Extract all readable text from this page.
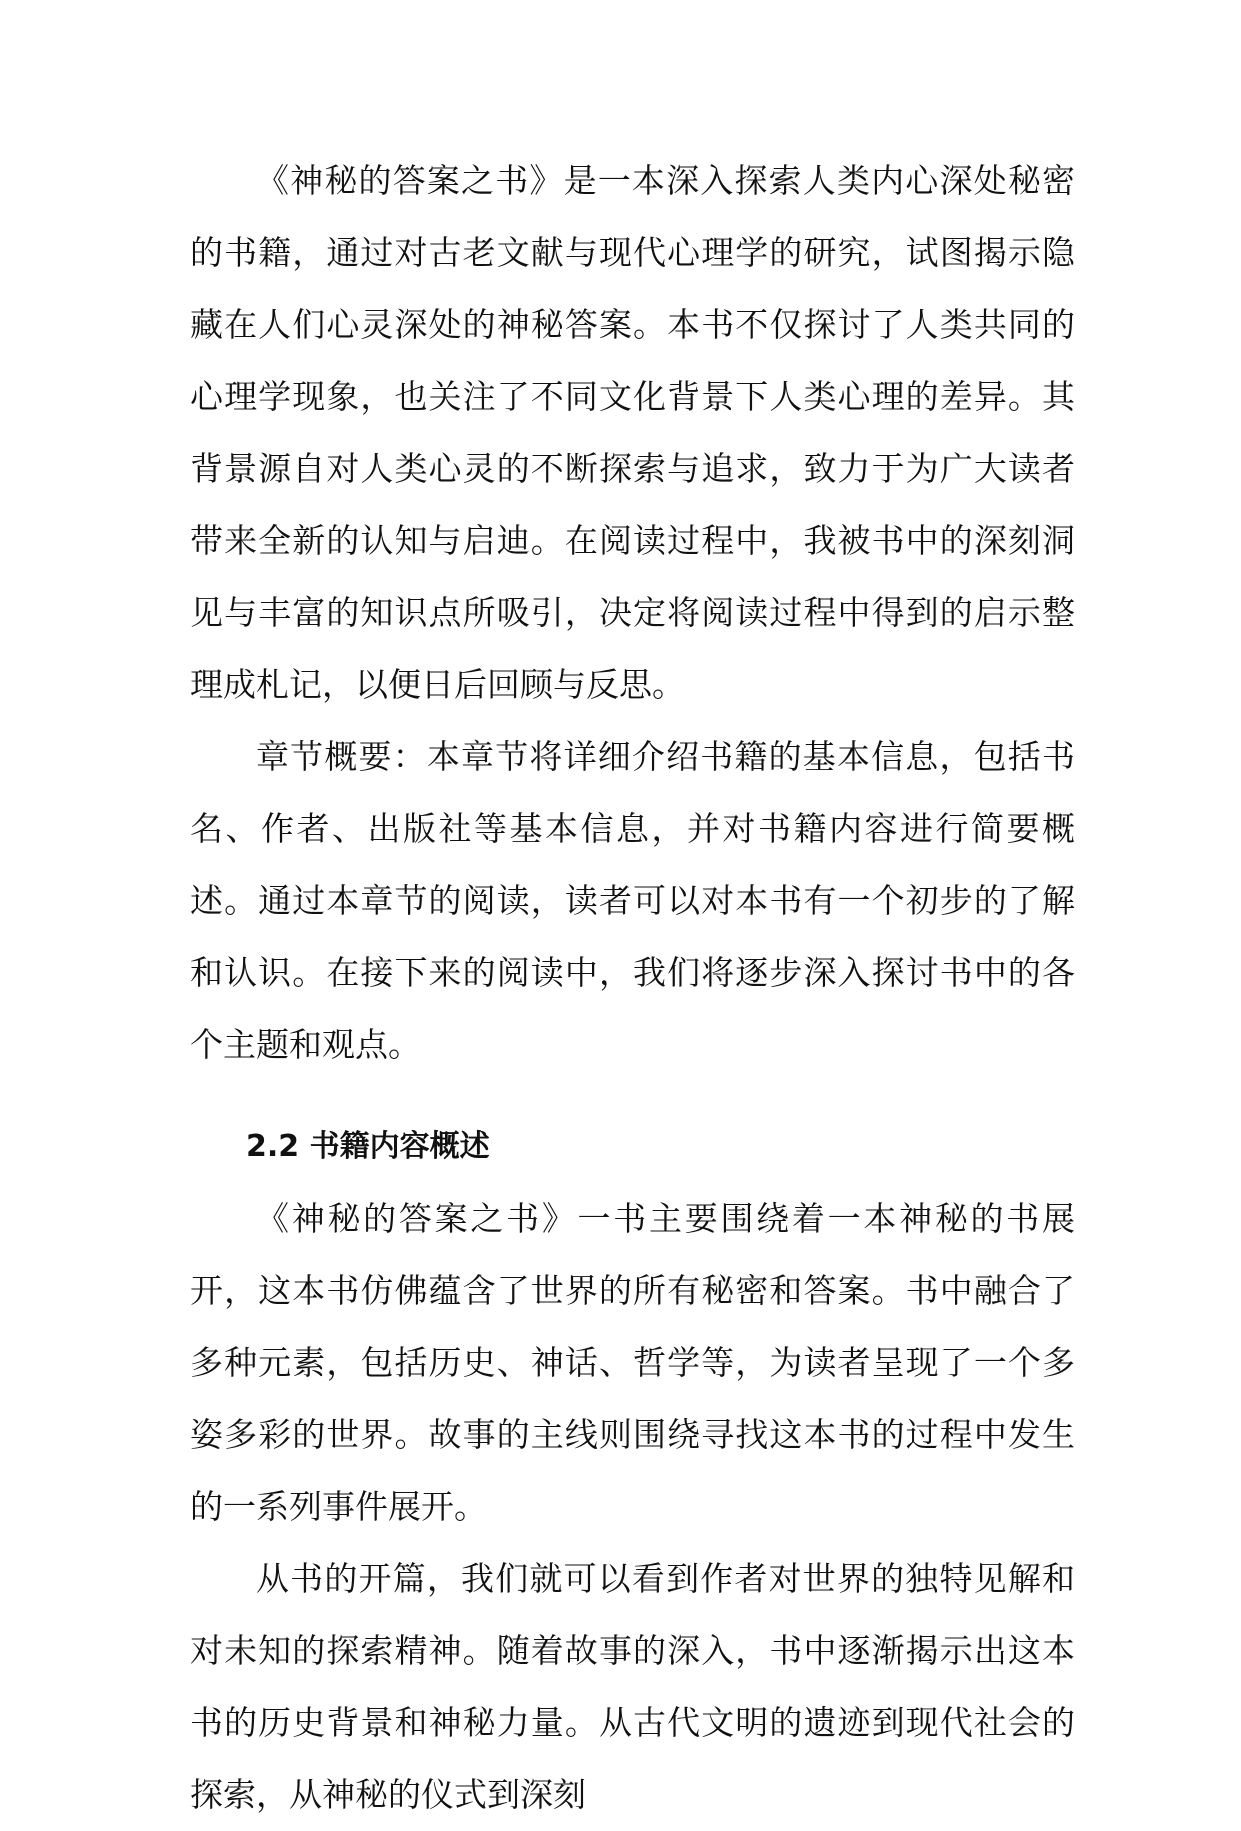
《神秘的答案之书》是一本深入探索人类内心深处秘密的书籍，通过对古老文献与现代心理学的研究，试图揭示隐藏在人们心灵深处的神秘答案。本书不仅探讨了人类共同的心理学现象，也关注了不同文化背景下人类心理的差异。其背景源自对人类心灵的不断探索与追求，致力于为广大读者带来全新的认知与启迪。在阅读过程中，我被书中的深刻洞见与丰富的知识点所吸引，决定将阅读过程中得到的启示整理成札记，以便日后回顾与反思。

章节概要：本章节将详细介绍书籍的基本信息，包括书名、作者、出版社等基本信息，并对书籍内容进行简要概述。通过本章节的阅读，读者可以对本书有一个初步的了解和认识。在接下来的阅读中，我们将逐步深入探讨书中的各个主题和观点。

2.2 书籍内容概述

《神秘的答案之书》一书主要围绕着一本神秘的书展开，这本书仿佛蕴含了世界的所有秘密和答案。书中融合了多种元素，包括历史、神话、哲学等，为读者呈现了一个多姿多彩的世界。故事的主线则围绕寻找这本书的过程中发生的一系列事件展开。

从书的开篇，我们就可以看到作者对世界的独特见解和对未知的探索精神。随着故事的深入，书中逐渐揭示出这本书的历史背景和神秘力量。从古代文明的遗迹到现代社会的探索，从神秘的仪式到深刻
